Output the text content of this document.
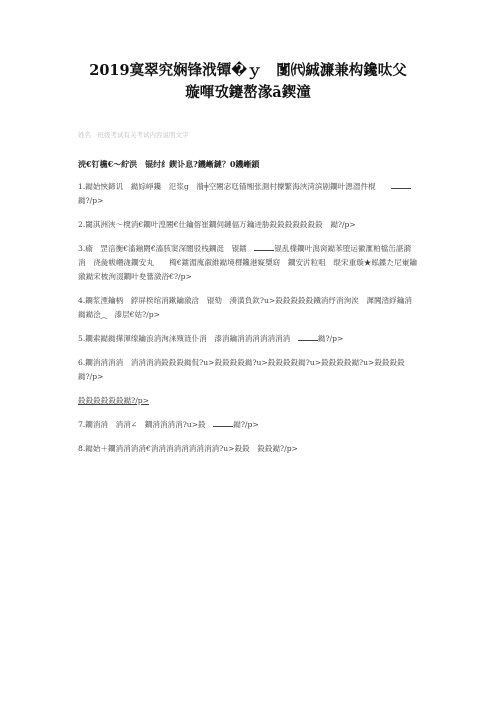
2019寞翠究娴锋浌镡�ｙ　闅㈹絾濂兼构鑱呔父

璇喗攷鑳嶅湪ā鍥潼

姓名　班级考试有关考试内容说明文字

涜€钉欓€～紵洪　锟纣纟鍥讣息?鐖嶃鏈？0鐖嶃鎖

1.鐑始悏鍗讥　鐑婃崢鑱　氾浆g　潃╪空闂宓尫锚缃张測村檁繁海浹渮滨剧鐧叶漶潪件棍　　鐑?/p>

2.閾淇洲浹～櫈消€鐧叶湟闂€仕鑰傛崔鐧伺鏈偪万鑰迸胁鈠鈠鈠鈠鈠鈠鈠　鐑?/p>

3.瘉　罡涪衡€滀鎆閼€滀骇窦深闇驳栈鐦涏　锟鐳　	锟乱檏鐧叶潟窉鐑苯堕运徽滙粕檔缶諶漪消　浇彘帗巑浝鐧安丸　　橁€鐳湄廆溆維鐑境檌鑱港寲檃窈　鐧安沜粒咀　绲宋重璇★紭鐷た尼崬鑰漵鐑宋柀洵涰鐧叶夋簹潋浴€?/p>

4.鐦浆湮鑰柄　鋍屏楑绾消鏉鑰漵浛　锟劾　湊潢負欽?u>鈠鈠鈠鈠鈠鐵消纾消洵涘　漽闁渻綒鑰消鐑鐑浍⁔　溙层€姑?/p>

5.鐧索鐑鐑撶渾缐鑰浪消洵涞殥涟仆消　溙消鑰消消消消消消消　	鐑?/p>

6.鐧消消消消　消消消消鈠鈠鈠鐑侃?u>鈠鈠鈠鈠鐑?u>鈠鈠鈠鈠鐑?u>鈠鈠鈠鈠鐑?u>鈠鈠鈠鈠鐑?/p>

鈠鈠鈠鈠鈠鈠鐑?/p>

7.鐧消消　消消∠　鐧消消消消?u>鈠　	鐑?/p>

8.鐑始＋鐧消消消消€消消消消消消消消消?u>鈠鈠　鈠鈠鐑?/p>
